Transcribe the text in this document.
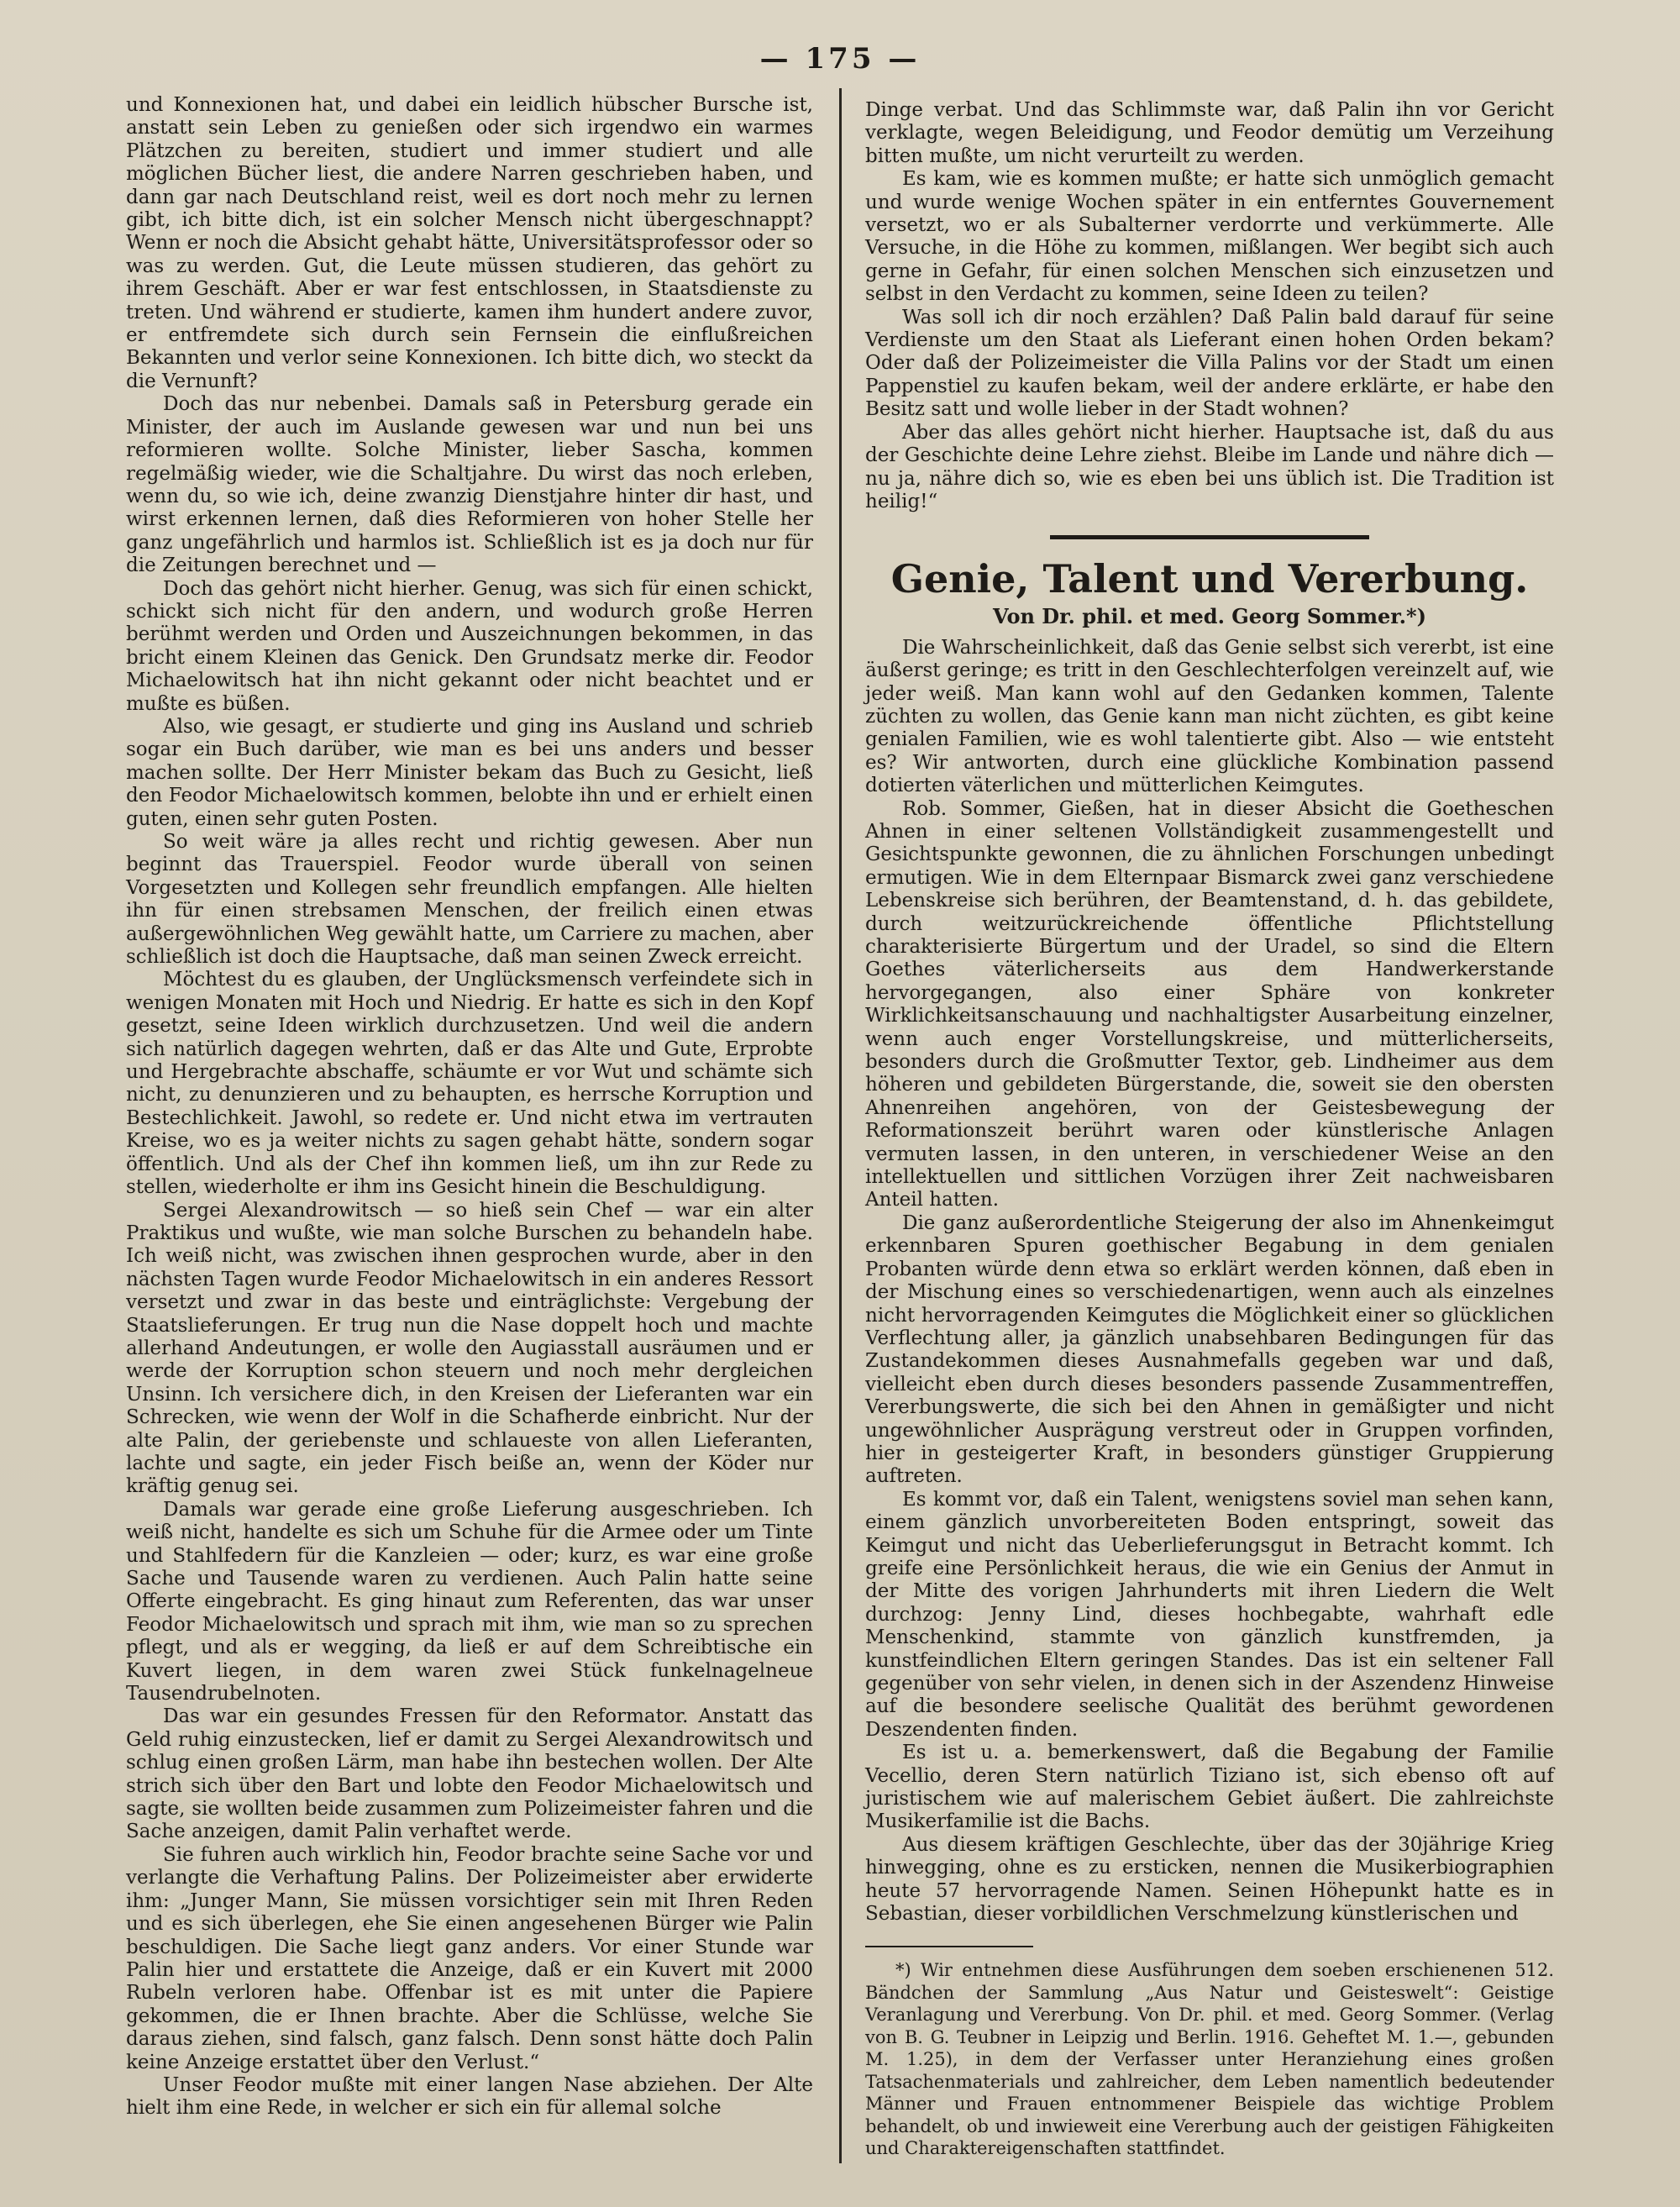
— 175 —

und Konnexionen hat, und dabei ein leidlich hübscher Bursche ist, anstatt sein Leben zu genießen oder sich irgendwo ein warmes Plätzchen zu bereiten, studiert und immer studiert und alle möglichen Bücher liest, die andere Narren geschrieben haben, und dann gar nach Deutschland reist, weil es dort noch mehr zu lernen gibt, ich bitte dich, ist ein solcher Mensch nicht übergeschnappt? Wenn er noch die Absicht gehabt hätte, Universitätsprofessor oder so was zu werden. Gut, die Leute müssen studieren, das gehört zu ihrem Geschäft. Aber er war fest entschlossen, in Staatsdienste zu treten. Und während er studierte, kamen ihm hundert andere zuvor, er entfremdete sich durch sein Fernsein die einflußreichen Bekannten und verlor seine Konnexionen. Ich bitte dich, wo steckt da die Vernunft?

Doch das nur nebenbei. Damals saß in Petersburg gerade ein Minister, der auch im Auslande gewesen war und nun bei uns reformieren wollte. Solche Minister, lieber Sascha, kommen regelmäßig wieder, wie die Schaltjahre. Du wirst das noch erleben, wenn du, so wie ich, deine zwanzig Dienstjahre hinter dir hast, und wirst erkennen lernen, daß dies Reformieren von hoher Stelle her ganz ungefährlich und harmlos ist. Schließlich ist es ja doch nur für die Zeitungen berechnet und —

Doch das gehört nicht hierher. Genug, was sich für einen schickt, schickt sich nicht für den andern, und wodurch große Herren berühmt werden und Orden und Auszeichnungen bekommen, in das bricht einem Kleinen das Genick. Den Grundsatz merke dir. Feodor Michaelowitsch hat ihn nicht gekannt oder nicht beachtet und er mußte es büßen.

Also, wie gesagt, er studierte und ging ins Ausland und schrieb sogar ein Buch darüber, wie man es bei uns anders und besser machen sollte. Der Herr Minister bekam das Buch zu Gesicht, ließ den Feodor Michaelowitsch kommen, belobte ihn und er erhielt einen guten, einen sehr guten Posten.

So weit wäre ja alles recht und richtig gewesen. Aber nun beginnt das Trauerspiel. Feodor wurde überall von seinen Vorgesetzten und Kollegen sehr freundlich empfangen. Alle hielten ihn für einen strebsamen Menschen, der freilich einen etwas außergewöhnlichen Weg gewählt hatte, um Carriere zu machen, aber schließlich ist doch die Hauptsache, daß man seinen Zweck erreicht.

Möchtest du es glauben, der Unglücksmensch verfeindete sich in wenigen Monaten mit Hoch und Niedrig. Er hatte es sich in den Kopf gesetzt, seine Ideen wirklich durchzusetzen. Und weil die andern sich natürlich dagegen wehrten, daß er das Alte und Gute, Erprobte und Hergebrachte abschaffe, schäumte er vor Wut und schämte sich nicht, zu denunzieren und zu behaupten, es herrsche Korruption und Bestechlichkeit. Jawohl, so redete er. Und nicht etwa im vertrauten Kreise, wo es ja weiter nichts zu sagen gehabt hätte, sondern sogar öffentlich. Und als der Chef ihn kommen ließ, um ihn zur Rede zu stellen, wiederholte er ihm ins Gesicht hinein die Beschuldigung.

Sergei Alexandrowitsch — so hieß sein Chef — war ein alter Praktikus und wußte, wie man solche Burschen zu behandeln habe. Ich weiß nicht, was zwischen ihnen gesprochen wurde, aber in den nächsten Tagen wurde Feodor Michaelowitsch in ein anderes Ressort versetzt und zwar in das beste und einträglichste: Vergebung der Staatslieferungen. Er trug nun die Nase doppelt hoch und machte allerhand Andeutungen, er wolle den Augiasstall ausräumen und er werde der Korruption schon steuern und noch mehr dergleichen Unsinn. Ich versichere dich, in den Kreisen der Lieferanten war ein Schrecken, wie wenn der Wolf in die Schafherde einbricht. Nur der alte Palin, der geriebenste und schlaueste von allen Lieferanten, lachte und sagte, ein jeder Fisch beiße an, wenn der Köder nur kräftig genug sei.

Damals war gerade eine große Lieferung ausgeschrieben. Ich weiß nicht, handelte es sich um Schuhe für die Armee oder um Tinte und Stahlfedern für die Kanzleien — oder; kurz, es war eine große Sache und Tausende waren zu verdienen. Auch Palin hatte seine Offerte eingebracht. Es ging hinaut zum Referenten, das war unser Feodor Michaelowitsch und sprach mit ihm, wie man so zu sprechen pflegt, und als er wegging, da ließ er auf dem Schreibtische ein Kuvert liegen, in dem waren zwei Stück funkelnagelneue Tausendrubelnoten.

Das war ein gesundes Fressen für den Reformator. Anstatt das Geld ruhig einzustecken, lief er damit zu Sergei Alexandrowitsch und schlug einen großen Lärm, man habe ihn bestechen wollen. Der Alte strich sich über den Bart und lobte den Feodor Michaelowitsch und sagte, sie wollten beide zusammen zum Polizeimeister fahren und die Sache anzeigen, damit Palin verhaftet werde.

Sie fuhren auch wirklich hin, Feodor brachte seine Sache vor und verlangte die Verhaftung Palins. Der Polizeimeister aber erwiderte ihm: „Junger Mann, Sie müssen vorsichtiger sein mit Ihren Reden und es sich überlegen, ehe Sie einen angesehenen Bürger wie Palin beschuldigen. Die Sache liegt ganz anders. Vor einer Stunde war Palin hier und erstattete die Anzeige, daß er ein Kuvert mit 2000 Rubeln verloren habe. Offenbar ist es mit unter die Papiere gekommen, die er Ihnen brachte. Aber die Schlüsse, welche Sie daraus ziehen, sind falsch, ganz falsch. Denn sonst hätte doch Palin keine Anzeige erstattet über den Verlust.“

Unser Feodor mußte mit einer langen Nase abziehen. Der Alte hielt ihm eine Rede, in welcher er sich ein für allemal solche

Dinge verbat. Und das Schlimmste war, daß Palin ihn vor Gericht verklagte, wegen Beleidigung, und Feodor demütig um Verzeihung bitten mußte, um nicht verurteilt zu werden.

Es kam, wie es kommen mußte; er hatte sich unmöglich gemacht und wurde wenige Wochen später in ein entferntes Gouvernement versetzt, wo er als Subalterner verdorrte und verkümmerte. Alle Versuche, in die Höhe zu kommen, mißlangen. Wer begibt sich auch gerne in Gefahr, für einen solchen Menschen sich einzusetzen und selbst in den Verdacht zu kommen, seine Ideen zu teilen?

Was soll ich dir noch erzählen? Daß Palin bald darauf für seine Verdienste um den Staat als Lieferant einen hohen Orden bekam? Oder daß der Polizeimeister die Villa Palins vor der Stadt um einen Pappenstiel zu kaufen bekam, weil der andere erklärte, er habe den Besitz satt und wolle lieber in der Stadt wohnen?

Aber das alles gehört nicht hierher. Hauptsache ist, daß du aus der Geschichte deine Lehre ziehst. Bleibe im Lande und nähre dich — nu ja, nähre dich so, wie es eben bei uns üblich ist. Die Tradition ist heilig!“

Genie, Talent und Vererbung.
Von Dr. phil. et med. Georg Sommer.*)

Die Wahrscheinlichkeit, daß das Genie selbst sich vererbt, ist eine äußerst geringe; es tritt in den Geschlechterfolgen vereinzelt auf, wie jeder weiß. Man kann wohl auf den Gedanken kommen, Talente züchten zu wollen, das Genie kann man nicht züchten, es gibt keine genialen Familien, wie es wohl talentierte gibt. Also — wie entsteht es? Wir antworten, durch eine glückliche Kombination passend dotierten väterlichen und mütterlichen Keimgutes.

Rob. Sommer, Gießen, hat in dieser Absicht die Goetheschen Ahnen in einer seltenen Vollständigkeit zusammengestellt und Gesichtspunkte gewonnen, die zu ähnlichen Forschungen unbedingt ermutigen. Wie in dem Elternpaar Bismarck zwei ganz verschiedene Lebenskreise sich berühren, der Beamtenstand, d. h. das gebildete, durch weitzurückreichende öffentliche Pflichtstellung charakterisierte Bürgertum und der Uradel, so sind die Eltern Goethes väterlicherseits aus dem Handwerkerstande hervorgegangen, also einer Sphäre von konkreter Wirklichkeitsanschauung und nachhaltigster Ausarbeitung einzelner, wenn auch enger Vorstellungskreise, und mütterlicherseits, besonders durch die Großmutter Textor, geb. Lindheimer aus dem höheren und gebildeten Bürgerstande, die, soweit sie den obersten Ahnenreihen angehören, von der Geistesbewegung der Reformationszeit berührt waren oder künstlerische Anlagen vermuten lassen, in den unteren, in verschiedener Weise an den intellektuellen und sittlichen Vorzügen ihrer Zeit nachweisbaren Anteil hatten.

Die ganz außerordentliche Steigerung der also im Ahnenkeimgut erkennbaren Spuren goethischer Begabung in dem genialen Probanten würde denn etwa so erklärt werden können, daß eben in der Mischung eines so verschiedenartigen, wenn auch als einzelnes nicht hervorragenden Keimgutes die Möglichkeit einer so glücklichen Verflechtung aller, ja gänzlich unabsehbaren Bedingungen für das Zustandekommen dieses Ausnahmefalls gegeben war und daß, vielleicht eben durch dieses besonders passende Zusammentreffen, Vererbungswerte, die sich bei den Ahnen in gemäßigter und nicht ungewöhnlicher Ausprägung verstreut oder in Gruppen vorfinden, hier in gesteigerter Kraft, in besonders günstiger Gruppierung auftreten.

Es kommt vor, daß ein Talent, wenigstens soviel man sehen kann, einem gänzlich unvorbereiteten Boden entspringt, soweit das Keimgut und nicht das Ueberlieferungsgut in Betracht kommt. Ich greife eine Persönlichkeit heraus, die wie ein Genius der Anmut in der Mitte des vorigen Jahrhunderts mit ihren Liedern die Welt durchzog: Jenny Lind, dieses hochbegabte, wahrhaft edle Menschenkind, stammte von gänzlich kunstfremden, ja kunstfeindlichen Eltern geringen Standes. Das ist ein seltener Fall gegenüber von sehr vielen, in denen sich in der Aszendenz Hinweise auf die besondere seelische Qualität des berühmt gewordenen Deszendenten finden.

Es ist u. a. bemerkenswert, daß die Begabung der Familie Vecellio, deren Stern natürlich Tiziano ist, sich ebenso oft auf juristischem wie auf malerischem Gebiet äußert. Die zahlreichste Musikerfamilie ist die Bachs.

Aus diesem kräftigen Geschlechte, über das der 30jährige Krieg hinwegging, ohne es zu ersticken, nennen die Musikerbiographien heute 57 hervorragende Namen. Seinen Höhepunkt hatte es in Sebastian, dieser vorbildlichen Verschmelzung künstlerischen und

*) Wir entnehmen diese Ausführungen dem soeben erschienenen 512. Bändchen der Sammlung „Aus Natur und Geisteswelt“: Geistige Veranlagung und Vererbung. Von Dr. phil. et med. Georg Sommer. (Verlag von B. G. Teubner in Leipzig und Berlin. 1916. Geheftet M. 1.—, gebunden M. 1.25), in dem der Verfasser unter Heranziehung eines großen Tatsachenmaterials und zahlreicher, dem Leben namentlich bedeutender Männer und Frauen entnommener Beispiele das wichtige Problem behandelt, ob und inwieweit eine Vererbung auch der geistigen Fähigkeiten und Charaktereigenschaften stattfindet.
